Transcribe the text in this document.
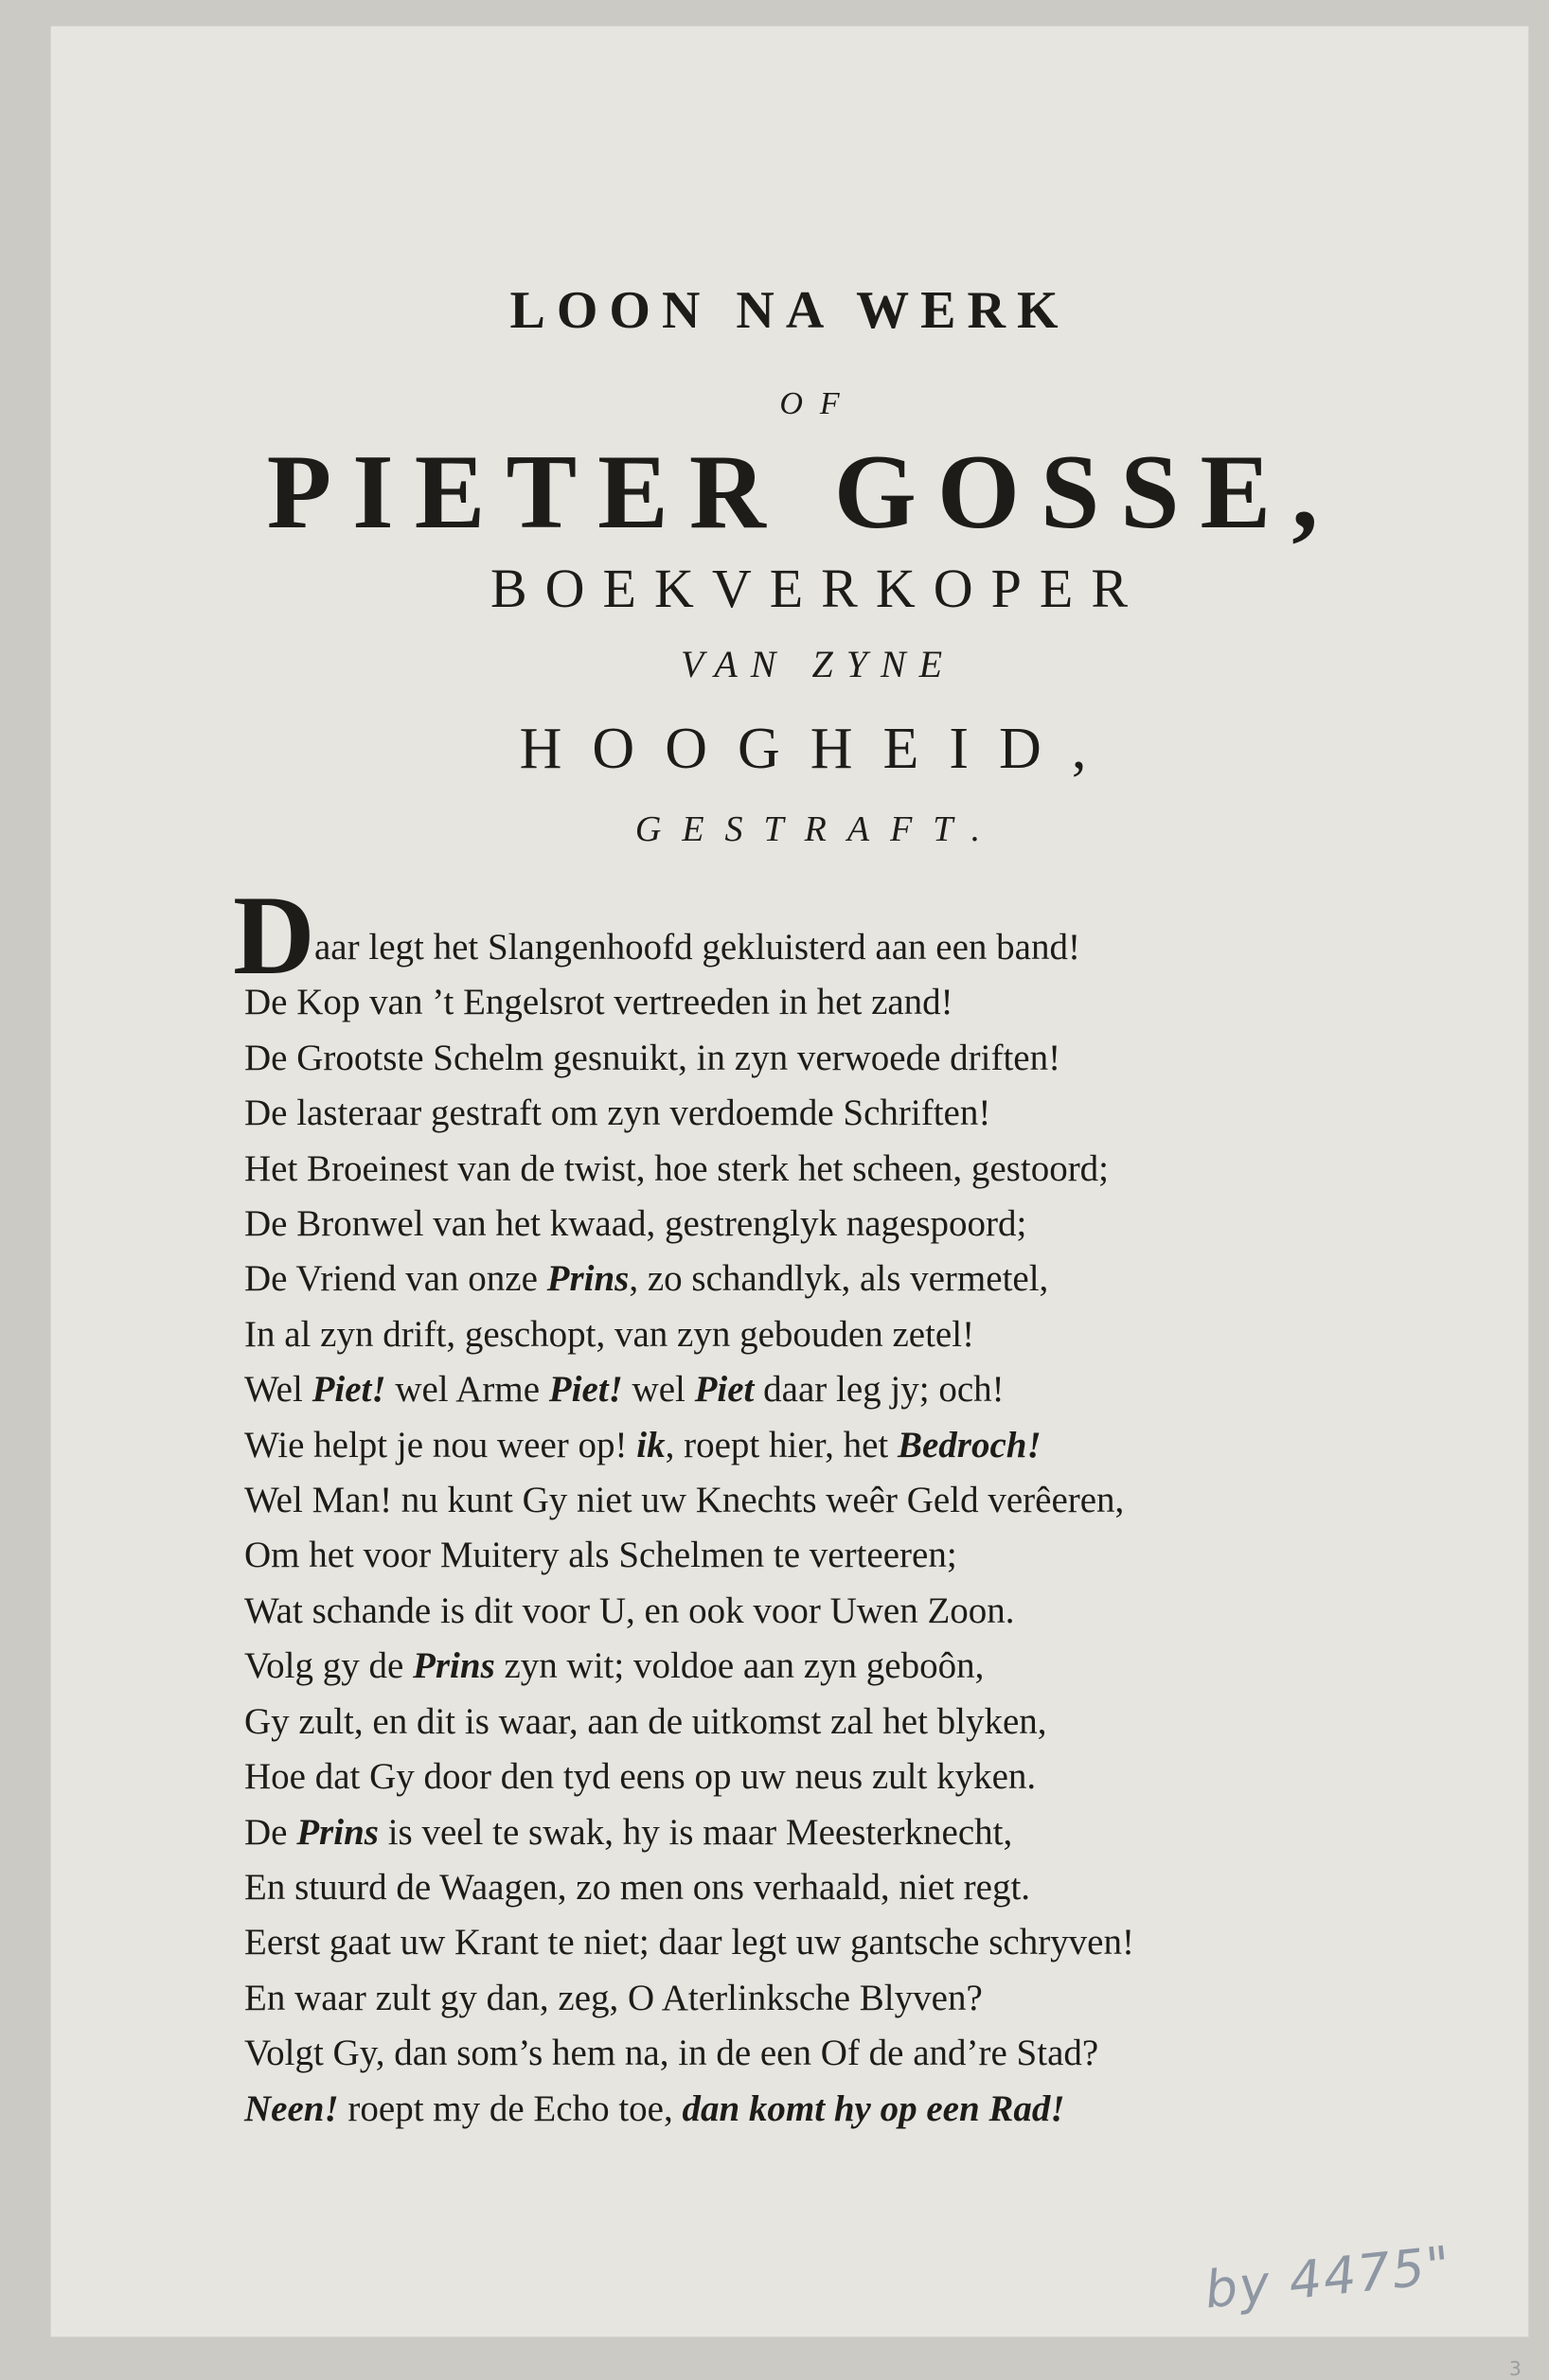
LOON NA WERK
OF
PIETER GOSSE,
BOEKVERKOPER
VAN ZYNE
HOOGHEID,
GESTRAFT.
D aar legt het Slangenhoofd gekluisterd aan een band!
De Kop van ’t Engelsrot vertreeden in het zand!
De Grootste Schelm gesnuikt, in zyn verwoede driften!
De lasteraar gestraft om zyn verdoemde Schriften!
Het Broeinest van de twist, hoe sterk het scheen, gestoord;
De Bronwel van het kwaad, gestrenglyk nagespoord;
De Vriend van onze Prins, zo schandlyk, als vermetel,
In al zyn drift, geschopt, van zyn gebouden zetel!
Wel Piet! wel Arme Piet! wel Piet daar leg jy; och!
Wie helpt je nou weer op! ik, roept hier, het Bedroch!
Wel Man! nu kunt Gy niet uw Knechts weêr Geld verêeren,
Om het voor Muitery als Schelmen te verteeren;
Wat schande is dit voor U, en ook voor Uwen Zoon.
Volg gy de Prins zyn wit; voldoe aan zyn geboôn,
Gy zult, en dit is waar, aan de uitkomst zal het blyken,
Hoe dat Gy door den tyd eens op uw neus zult kyken.
De Prins is veel te swak, hy is maar Meesterknecht,
En stuurd de Waagen, zo men ons verhaald, niet regt.
Eerst gaat uw Krant te niet; daar legt uw gantsche schryven!
En waar zult gy dan, zeg, O Aterlinksche Blyven?
Volgt Gy, dan som’s hem na, in de een Of de and’re Stad?
Neen! roept my de Echo toe, dan komt hy op een Rad!
by 4475"
3
